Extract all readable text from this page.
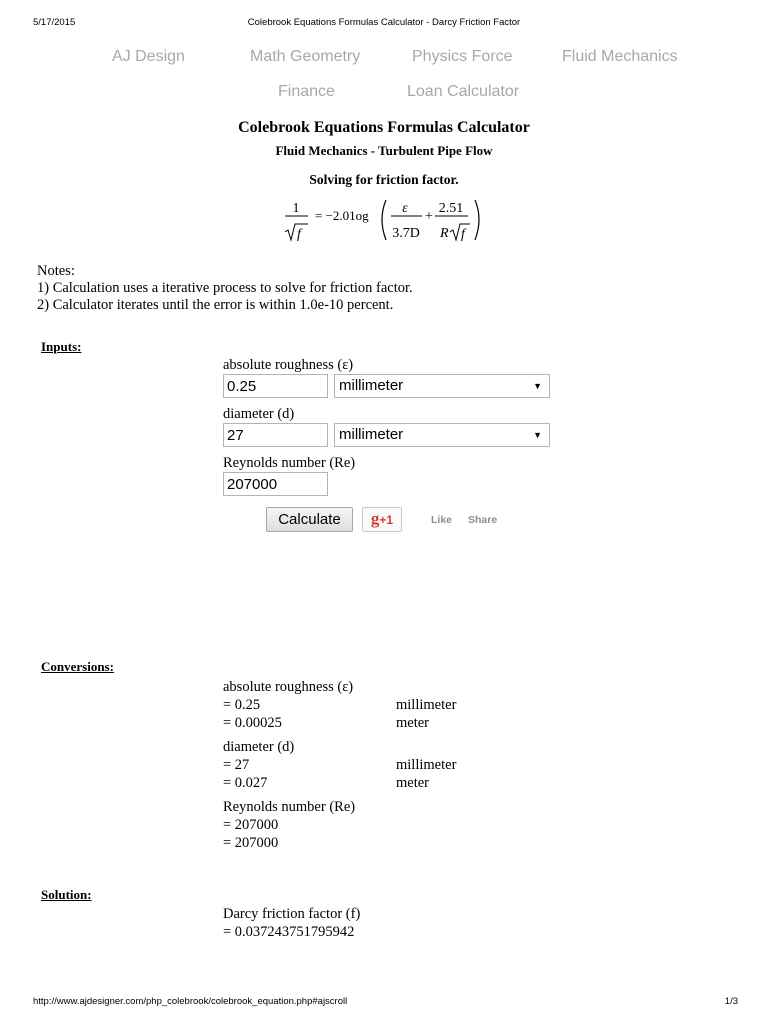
5/17/2015	Colebrook Equations Formulas Calculator - Darcy Friction Factor
AJ Design	Math Geometry	Physics Force	Fluid Mechanics
Finance	Loan Calculator
Colebrook Equations Formulas Calculator
Fluid Mechanics - Turbulent Pipe Flow
Solving for friction factor.
1
f
= −2.01og ε
3.7D
+
2.51
R f
Notes:
1) Calculation uses a iterative process to solve for friction factor.
2) Calculator iterates until the error is within 1.0e-10 percent.
Inputs:
absolute roughness (ε)
0.25
millimeter	▼
diameter (d)
27
millimeter	▼
Reynolds number (Re)
207000
Calculate	g+1	Like Share
Conversions:
absolute roughness (ε)
= 0.25	millimeter
= 0.00025	meter
diameter (d)
= 27	millimeter
= 0.027	meter
Reynolds number (Re)
= 207000
= 207000
Solution:
Darcy friction factor (f)
= 0.037243751795942
http://www.ajdesigner.com/php_colebrook/colebrook_equation.php#ajscroll	1/3
